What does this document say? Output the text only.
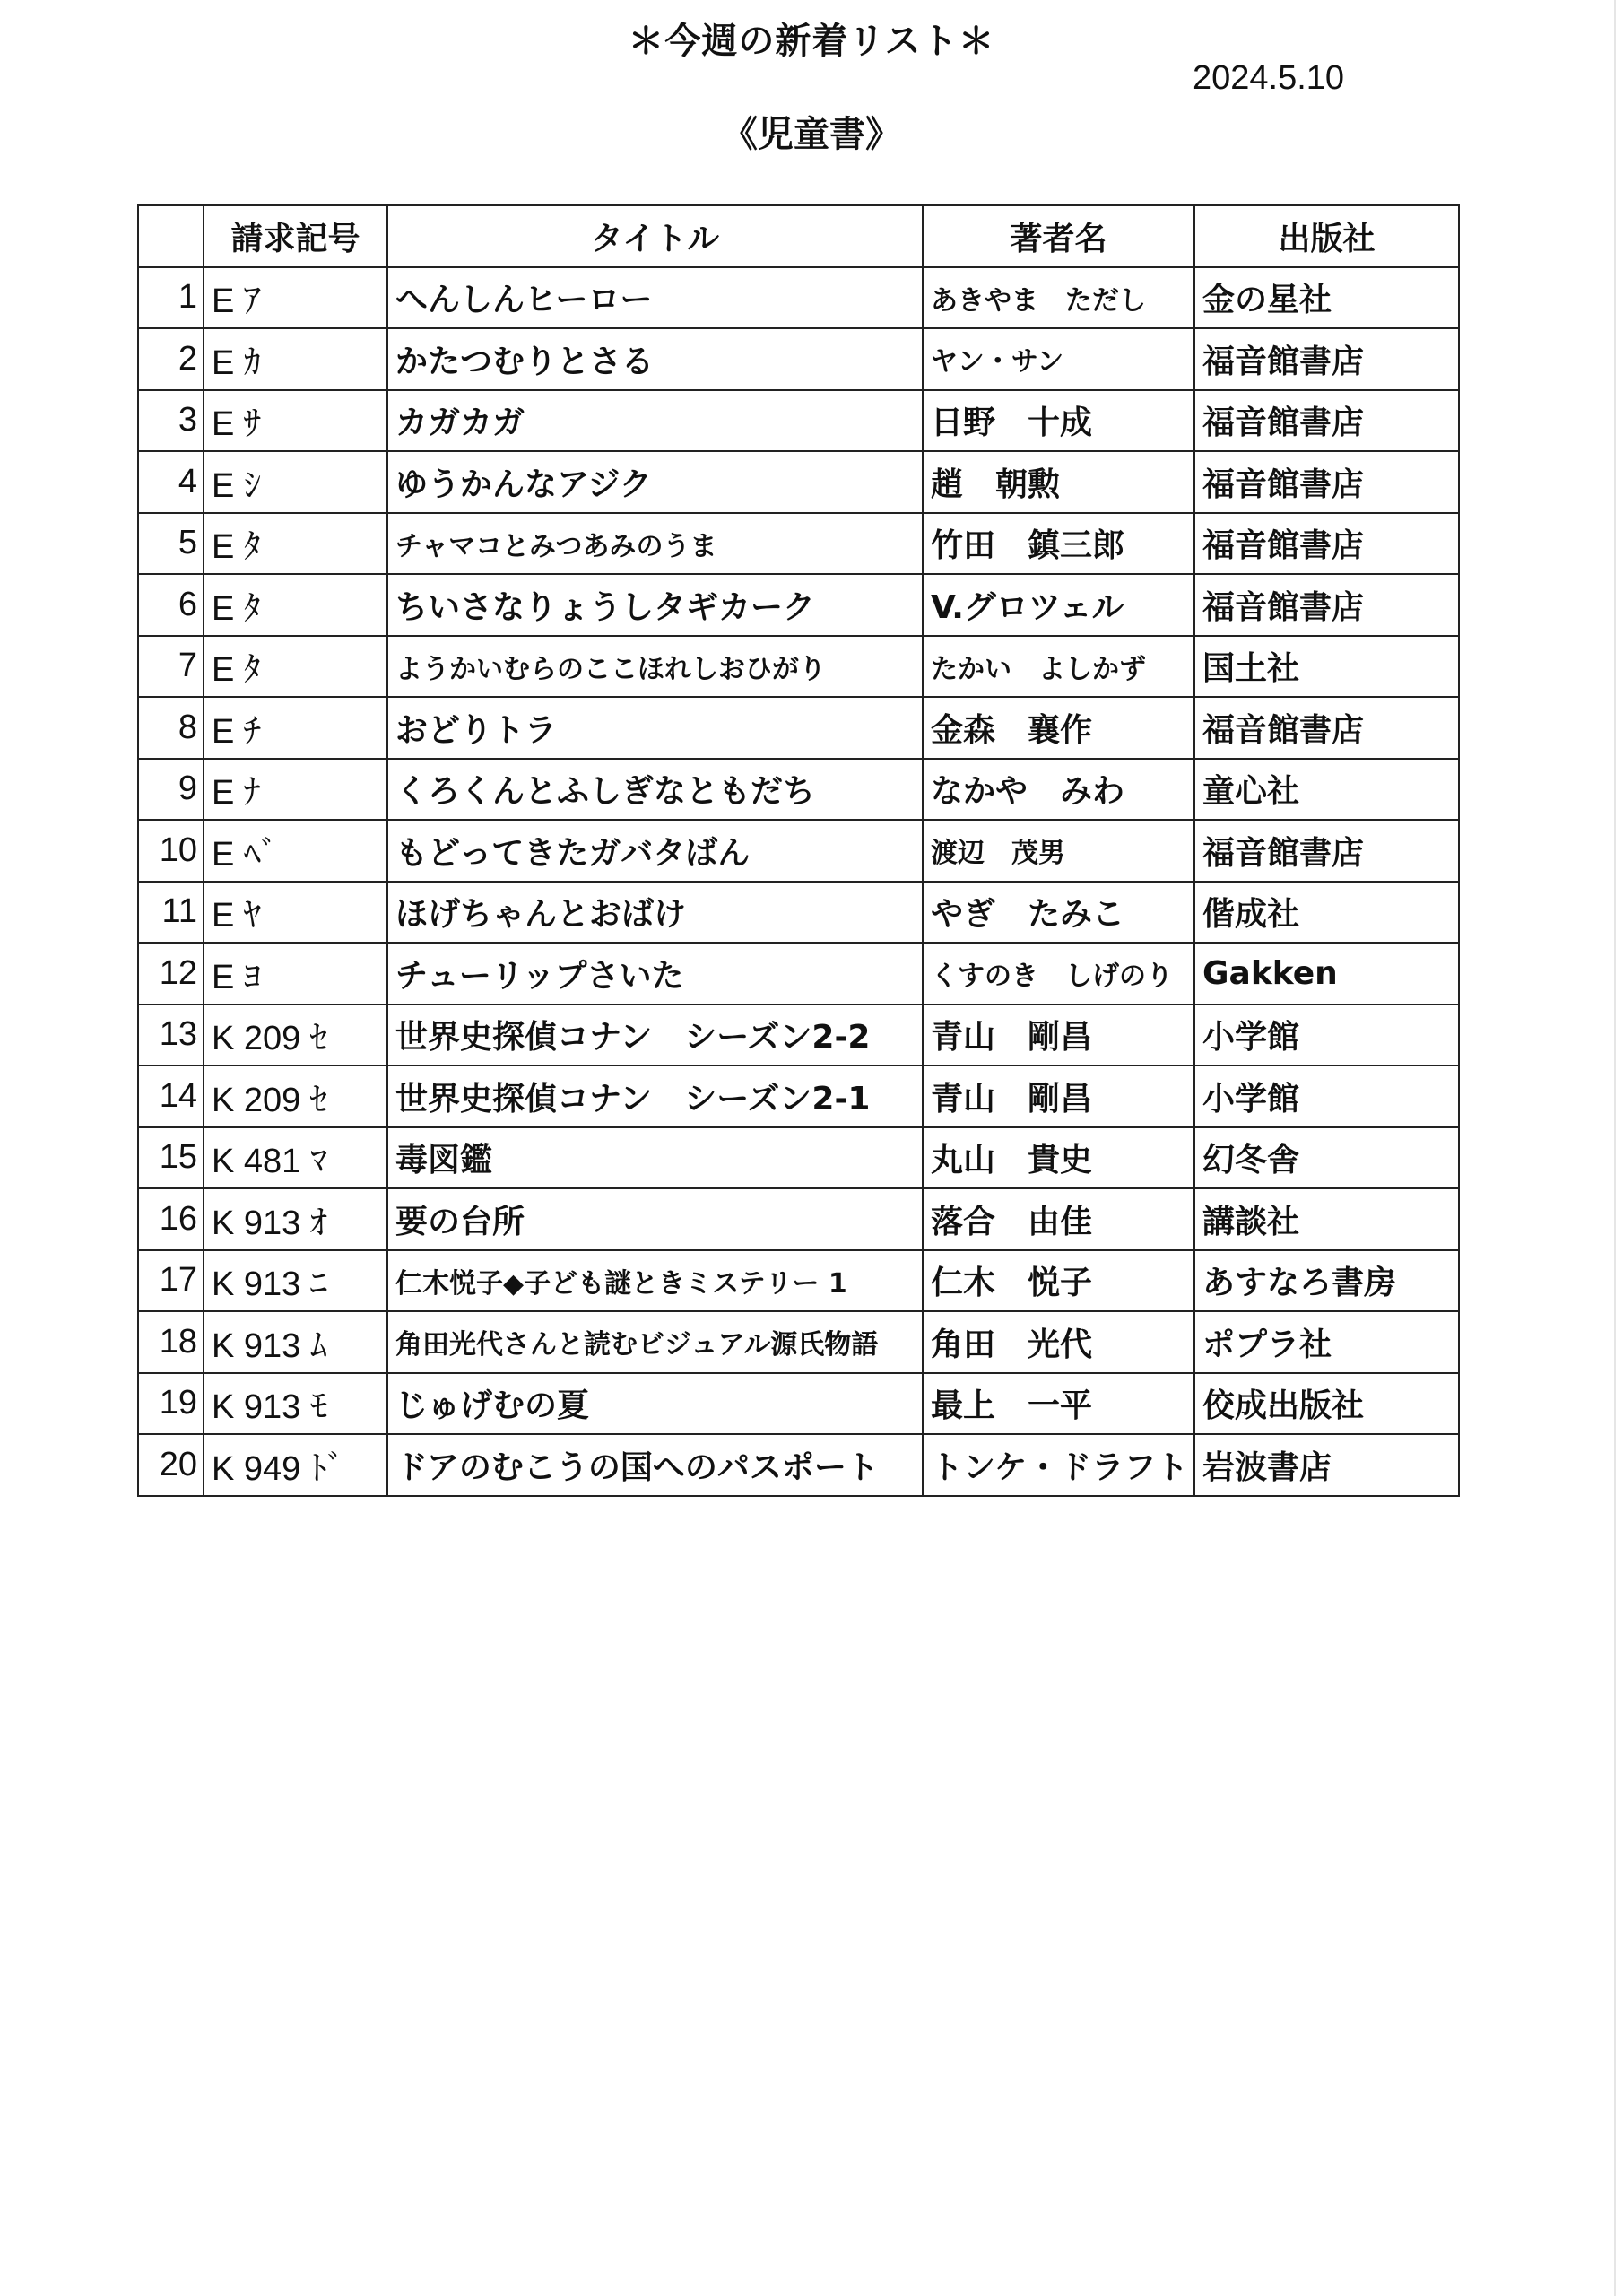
＊今週の新着リスト＊
2024.5.10
《児童書》
	請求記号	タイトル	著者名	出版社
1	E ｱ	へんしんヒーロー	あきやま　ただし	金の星社
2	E ｶ	かたつむりとさる	ヤン・サン	福音館書店
3	E ｻ	カガカガ	日野　十成	福音館書店
4	E ｼ	ゆうかんなアジク	趙　朝勲	福音館書店
5	E ﾀ	チャマコとみつあみのうま	竹田　鎮三郎	福音館書店
6	E ﾀ	ちいさなりょうしタギカーク	V.グロツェル	福音館書店
7	E ﾀ	ようかいむらのここほれしおひがり	たかい　よしかず	国土社
8	E ﾁ	おどりトラ	金森　襄作	福音館書店
9	E ﾅ	くろくんとふしぎなともだち	なかや　みわ	童心社
10	E ﾍﾞ	もどってきたガバタばん	渡辺　茂男	福音館書店
11	E ﾔ	ほげちゃんとおばけ	やぎ　たみこ	偕成社
12	E ﾖ	チューリップさいた	くすのき　しげのり	Gakken
13	K 209 ｾ	世界史探偵コナン　シーズン2-2	青山　剛昌	小学館
14	K 209 ｾ	世界史探偵コナン　シーズン2-1	青山　剛昌	小学館
15	K 481 ﾏ	毒図鑑	丸山　貴史	幻冬舎
16	K 913 ｵ	要の台所	落合　由佳	講談社
17	K 913 ﾆ	仁木悦子◆子ども謎ときミステリー 1	仁木　悦子	あすなろ書房
18	K 913 ﾑ	角田光代さんと読むビジュアル源氏物語	角田　光代	ポプラ社
19	K 913 ﾓ	じゅげむの夏	最上　一平	佼成出版社
20	K 949 ﾄﾞ	ドアのむこうの国へのパスポート	トンケ・ドラフト	岩波書店
